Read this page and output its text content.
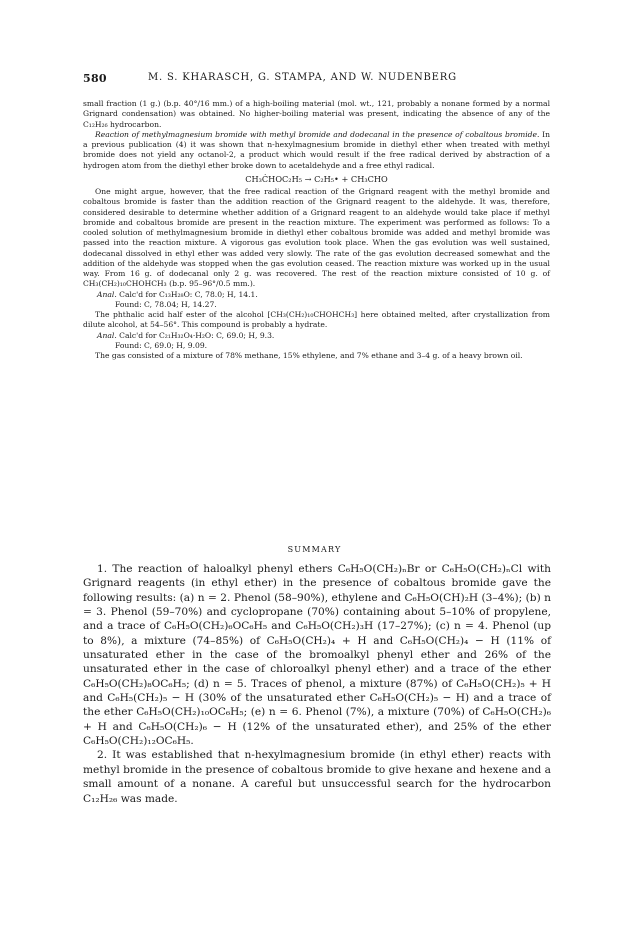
580	M. S. KHARASCH, G. STAMPA, AND W. NUDENBERG

small fraction (1 g.) (b.p. 40°/16 mm.) of a high-boiling material (mol. wt., 121, probably a nonane formed by a normal Grignard condensation) was obtained. No higher-boiling material was present, indicating the absence of any of the C₁₂H₂₆ hydrocarbon.

Reaction of methylmagnesium bromide with methyl bromide and dodecanal in the presence of cobaltous bromide. In a previous publication (4) it was shown that n-hexylmagnesium bromide in diethyl ether when treated with methyl bromide does not yield any octanol-2, a product which would result if the free radical derived by abstraction of a hydrogen atom from the diethyl ether broke down to acetaldehyde and a free ethyl radical.

CH₃ĊHOC₂H₅ → C₂H₅• + CH₃CHO

One might argue, however, that the free radical reaction of the Grignard reagent with the methyl bromide and cobaltous bromide is faster than the addition reaction of the Grignard reagent to the aldehyde. It was, therefore, considered desirable to determine whether addition of a Grignard reagent to an aldehyde would take place if methyl bromide and cobaltous bromide are present in the reaction mixture. The experiment was performed as follows: To a cooled solution of methylmagnesium bromide in diethyl ether cobaltous bromide was added and methyl bromide was passed into the reaction mixture. A vigorous gas evolution took place. When the gas evolution was well sustained, dodecanal dissolved in ethyl ether was added very slowly. The rate of the gas evolution decreased somewhat and the addition of the aldehyde was stopped when the gas evolution ceased. The reaction mixture was worked up in the usual way. From 16 g. of dodecanal only 2 g. was recovered. The rest of the reaction mixture consisted of 10 g. of CH₃(CH₂)₁₀CHOHCH₃ (b.p. 95–96°/0.5 mm.).

Anal. Calc'd for C₁₃H₂₈O: C, 78.0; H, 14.1.

Found: C, 78.04; H, 14.27.

The phthalic acid half ester of the alcohol [CH₃(CH₂)₁₀CHOHCH₃] here obtained melted, after crystallization from dilute alcohol, at 54–56°. This compound is probably a hydrate.

Anal. Calc'd for C₂₁H₃₂O₄·H₂O: C, 69.0; H, 9.3.

Found: C, 69.0; H, 9.09.

The gas consisted of a mixture of 78% methane, 15% ethylene, and 7% ethane and 3–4 g. of a heavy brown oil.

SUMMARY

1. The reaction of haloalkyl phenyl ethers C₆H₅O(CH₂)ₙBr or C₆H₅O(CH₂)ₙCl with Grignard reagents (in ethyl ether) in the presence of cobaltous bromide gave the following results: (a) n = 2. Phenol (58–90%), ethylene and C₆H₅O(CH)₂H (3–4%); (b) n = 3. Phenol (59–70%) and cyclopropane (70%) containing about 5–10% of propylene, and a trace of C₆H₅O(CH₂)₆OC₆H₅ and C₆H₅O(CH₂)₃H (17–27%); (c) n = 4. Phenol (up to 8%), a mixture (74–85%) of C₆H₅O(CH₂)₄ + H and C₆H₅O(CH₂)₄ − H (11% of unsaturated ether in the case of the bromoalkyl phenyl ether and 26% of the unsaturated ether in the case of chloroalkyl phenyl ether) and a trace of the ether C₆H₅O(CH₂)₈OC₆H₅; (d) n = 5. Traces of phenol, a mixture (87%) of C₆H₅O(CH₂)₅ + H and C₆H₅(CH₂)₅ − H (30% of the unsaturated ether C₆H₅O(CH₂)₅ − H) and a trace of the ether C₆H₅O(CH₂)₁₀OC₆H₅; (e) n = 6. Phenol (7%), a mixture (70%) of C₆H₅O(CH₂)₆ + H and C₆H₅O(CH₂)₆ − H (12% of the unsaturated ether), and 25% of the ether C₆H₅O(CH₂)₁₂OC₆H₅.

2. It was established that n-hexylmagnesium bromide (in ethyl ether) reacts with methyl bromide in the presence of cobaltous bromide to give hexane and hexene and a small amount of a nonane. A careful but unsuccessful search for the hydrocarbon C₁₂H₂₆ was made.
